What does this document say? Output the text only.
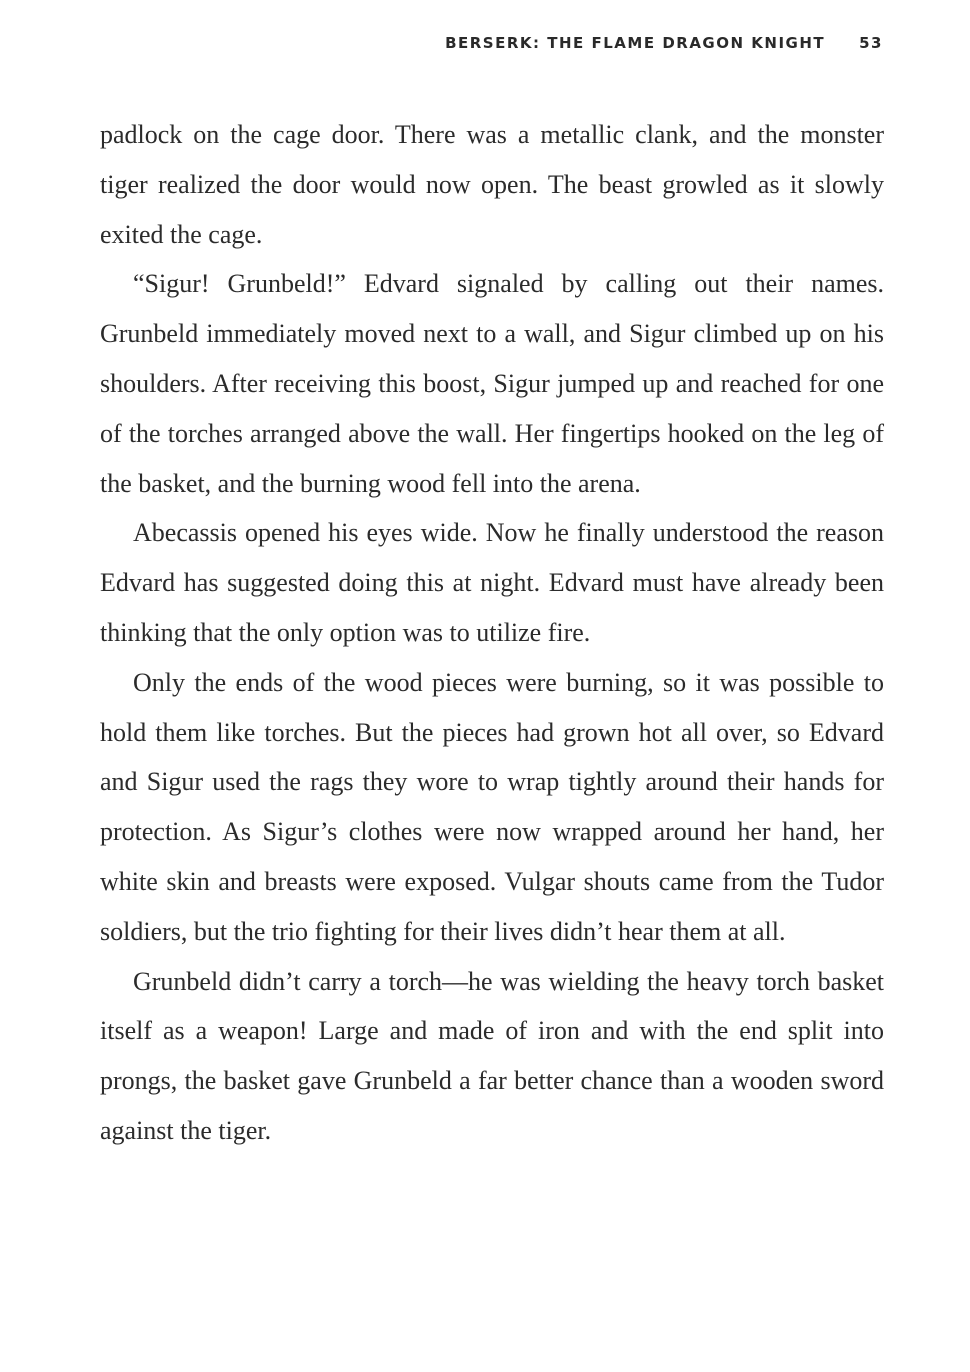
BERSERK: THE FLAME DRAGON KNIGHT 53

padlock on the cage door. There was a metallic clank, and the monster tiger realized the door would now open. The beast growled as it slowly exited the cage.

“Sigur! Grunbeld!” Edvard signaled by calling out their names. Grunbeld immediately moved next to a wall, and Sigur climbed up on his shoulders. After receiving this boost, Sigur jumped up and reached for one of the torches arranged above the wall. Her fingertips hooked on the leg of the basket, and the burning wood fell into the arena.

Abecassis opened his eyes wide. Now he finally understood the reason Edvard has suggested doing this at night. Edvard must have already been thinking that the only option was to utilize fire.

Only the ends of the wood pieces were burning, so it was possible to hold them like torches. But the pieces had grown hot all over, so Edvard and Sigur used the rags they wore to wrap tightly around their hands for protection. As Sigur’s clothes were now wrapped around her hand, her white skin and breasts were exposed. Vulgar shouts came from the Tudor soldiers, but the trio fighting for their lives didn’t hear them at all.

Grunbeld didn’t carry a torch—he was wielding the heavy torch basket itself as a weapon! Large and made of iron and with the end split into prongs, the basket gave Grunbeld a far better chance than a wooden sword against the tiger.
